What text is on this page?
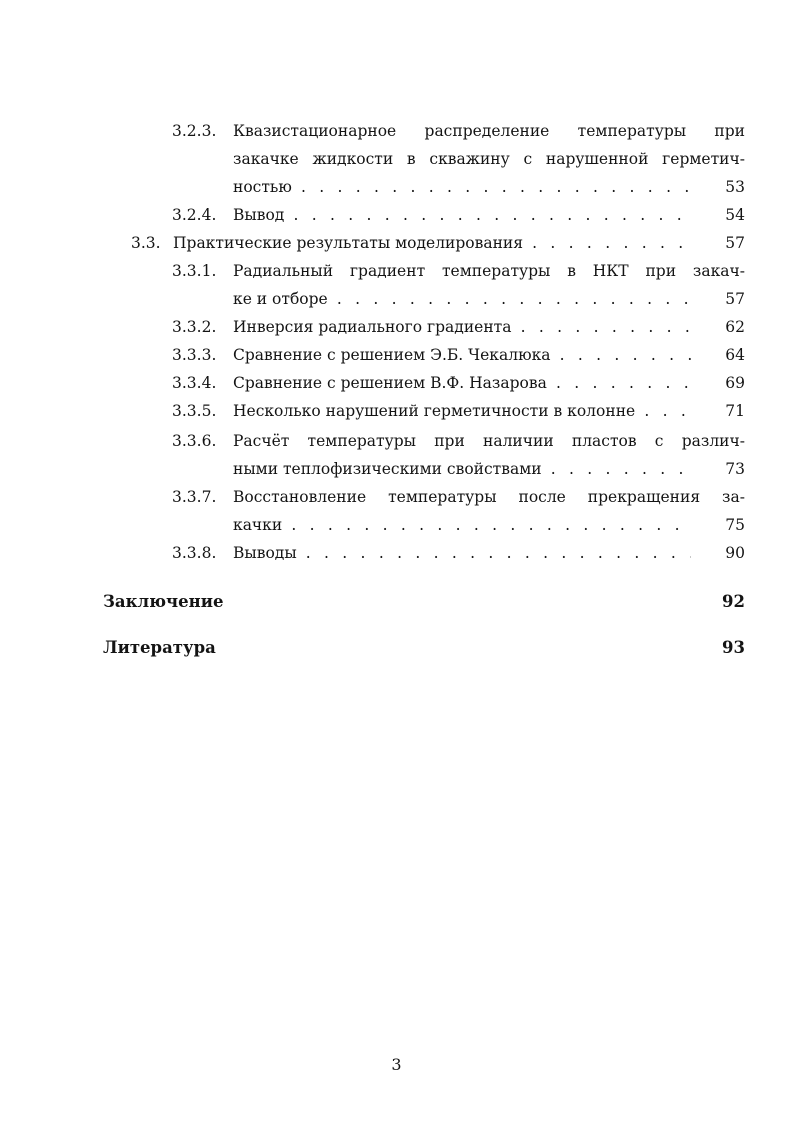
3.2.3. Квазистационарное распределение температуры при
закачке жидкости в скважину с нарушенной герметич-
ностью . . .	53
3.2.4. Вывод . . .	54
3.3. Практические результаты моделирования . . .	57
3.3.1. Радиальный градиент температуры в НКТ при закач-
ке и отборе . . .	57
3.3.2. Инверсия радиального градиента . . .	62
3.3.3. Сравнение с решением Э.Б. Чекалюка . . .	64
3.3.4. Сравнение с решением В.Ф. Назарова . . .	69
3.3.5. Несколько нарушений герметичности в колонне . . .	71
3.3.6. Расчёт температуры при наличии пластов с различ-
ными теплофизическими свойствами . . .	73
3.3.7. Восстановление температуры после прекращения за-
качки . . .	75
3.3.8. Выводы . . .	90
Заключение	92
Литература	93
3
